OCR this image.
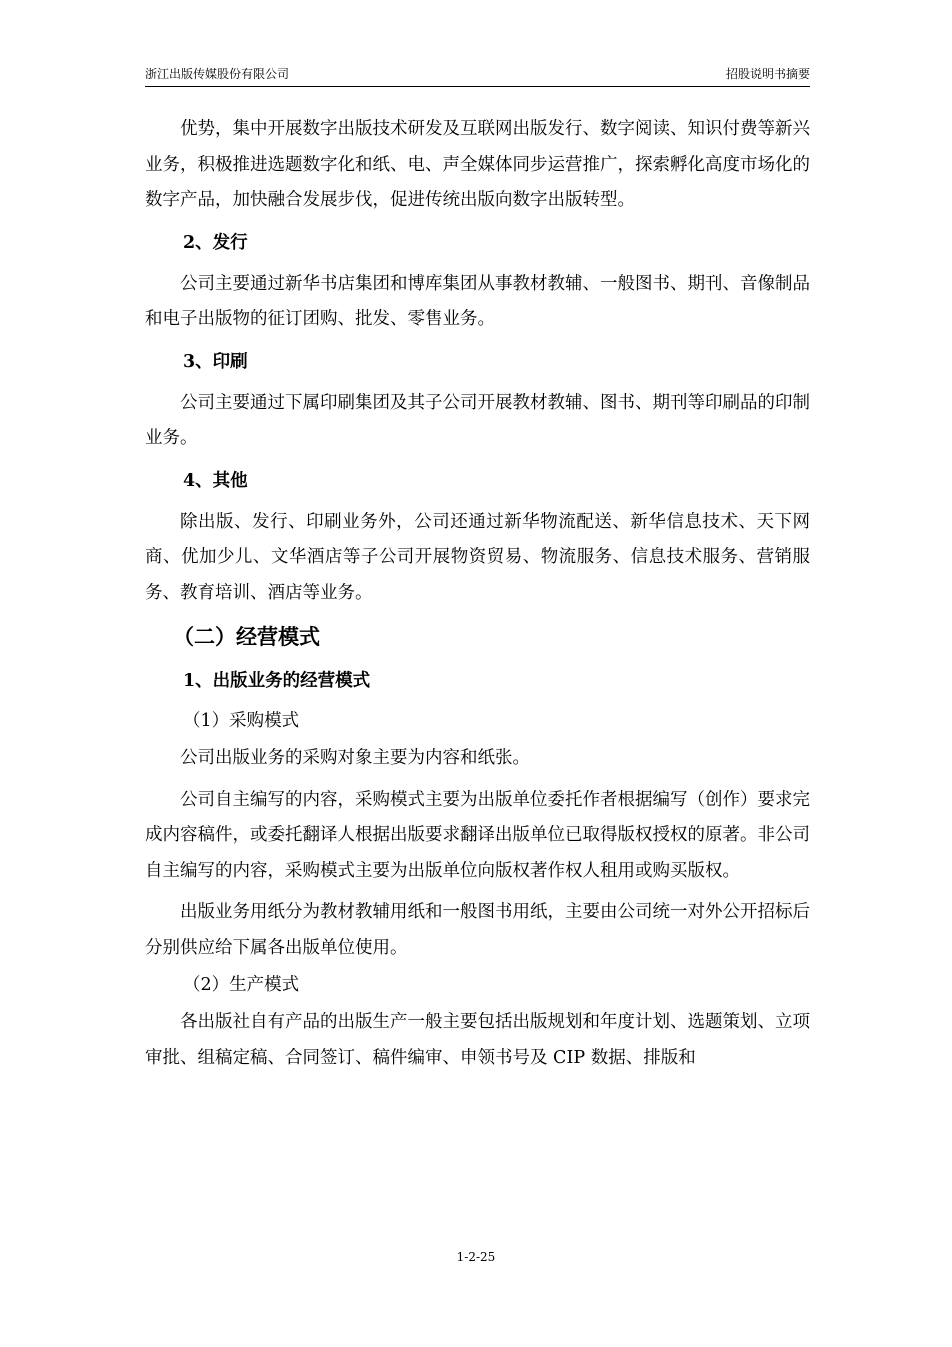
浙江出版传媒股份有限公司	招股说明书摘要

优势，集中开展数字出版技术研发及互联网出版发行、数字阅读、知识付费等新兴业务，积极推进选题数字化和纸、电、声全媒体同步运营推广，探索孵化高度市场化的数字产品，加快融合发展步伐，促进传统出版向数字出版转型。

2、发行

公司主要通过新华书店集团和博库集团从事教材教辅、一般图书、期刊、音像制品和电子出版物的征订团购、批发、零售业务。

3、印刷

公司主要通过下属印刷集团及其子公司开展教材教辅、图书、期刊等印刷品的印制业务。

4、其他

除出版、发行、印刷业务外，公司还通过新华物流配送、新华信息技术、天下网商、优加少儿、文华酒店等子公司开展物资贸易、物流服务、信息技术服务、营销服务、教育培训、酒店等业务。

（二）经营模式
1、出版业务的经营模式
（1）采购模式

公司出版业务的采购对象主要为内容和纸张。

公司自主编写的内容，采购模式主要为出版单位委托作者根据编写（创作）要求完成内容稿件，或委托翻译人根据出版要求翻译出版单位已取得版权授权的原著。非公司自主编写的内容，采购模式主要为出版单位向版权著作权人租用或购买版权。

出版业务用纸分为教材教辅用纸和一般图书用纸，主要由公司统一对外公开招标后分别供应给下属各出版单位使用。

（2）生产模式

各出版社自有产品的出版生产一般主要包括出版规划和年度计划、选题策划、立项审批、组稿定稿、合同签订、稿件编审、申领书号及 CIP 数据、排版和

1-2-25
